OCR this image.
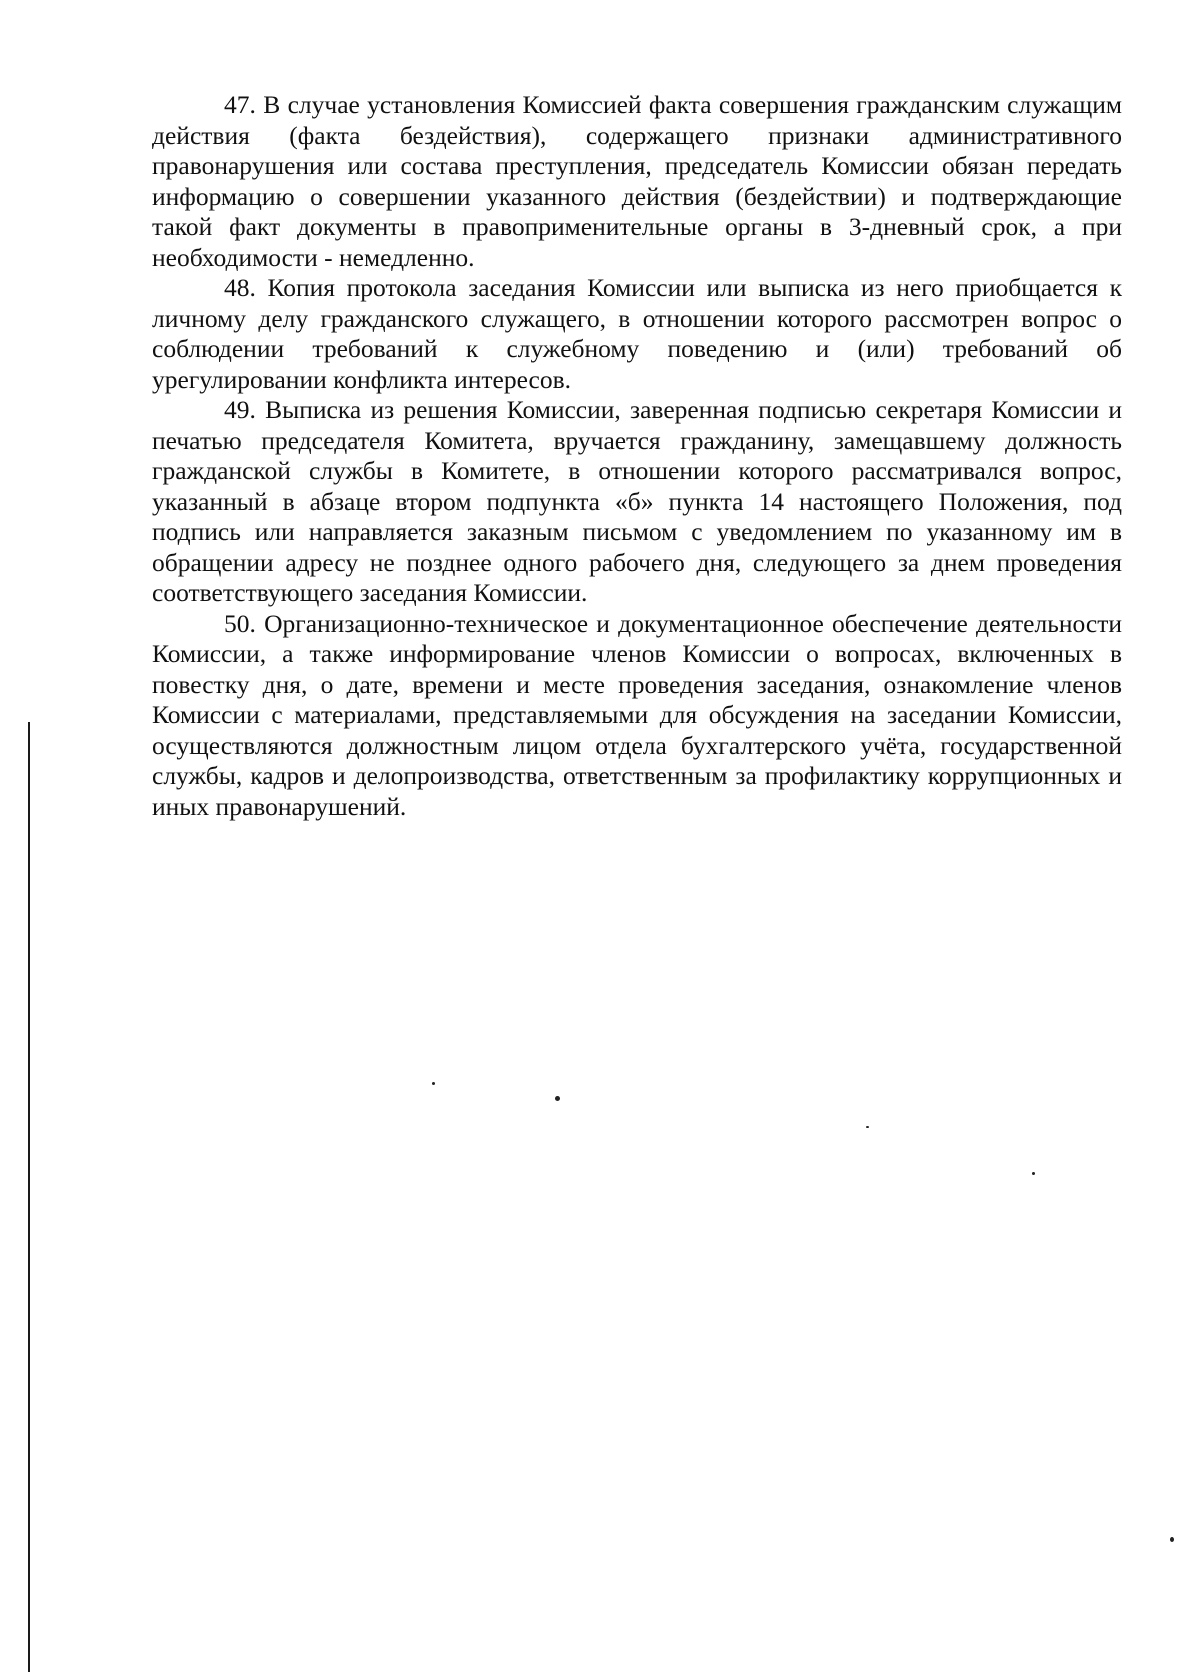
47. В случае установления Комиссией факта совершения гражданским служащим действия (факта бездействия), содержащего признаки административного правонарушения или состава преступления, председатель Комиссии обязан передать информацию о совершении указанного действия (бездействии) и подтверждающие такой факт документы в правоприменительные органы в 3-дневный срок, а при необходимости - немедленно.

48. Копия протокола заседания Комиссии или выписка из него приобщается к личному делу гражданского служащего, в отношении которого рассмотрен вопрос о соблюдении требований к служебному поведению и (или) требований об урегулировании конфликта интересов.

49. Выписка из решения Комиссии, заверенная подписью секретаря Комиссии и печатью председателя Комитета, вручается гражданину, замещавшему должность гражданской службы в Комитете, в отношении которого рассматривался вопрос, указанный в абзаце втором подпункта «б» пункта 14 настоящего Положения, под подпись или направляется заказным письмом с уведомлением по указанному им в обращении адресу не позднее одного рабочего дня, следующего за днем проведения соответствующего заседания Комиссии.

50. Организационно-техническое и документационное обеспечение деятельности Комиссии, а также информирование членов Комиссии о вопросах, включенных в повестку дня, о дате, времени и месте проведения заседания, ознакомление членов Комиссии с материалами, представляемыми для обсуждения на заседании Комиссии, осуществляются должностным лицом отдела бухгалтерского учёта, государственной службы, кадров и делопроизводства, ответственным за профилактику коррупционных и иных правонарушений.
